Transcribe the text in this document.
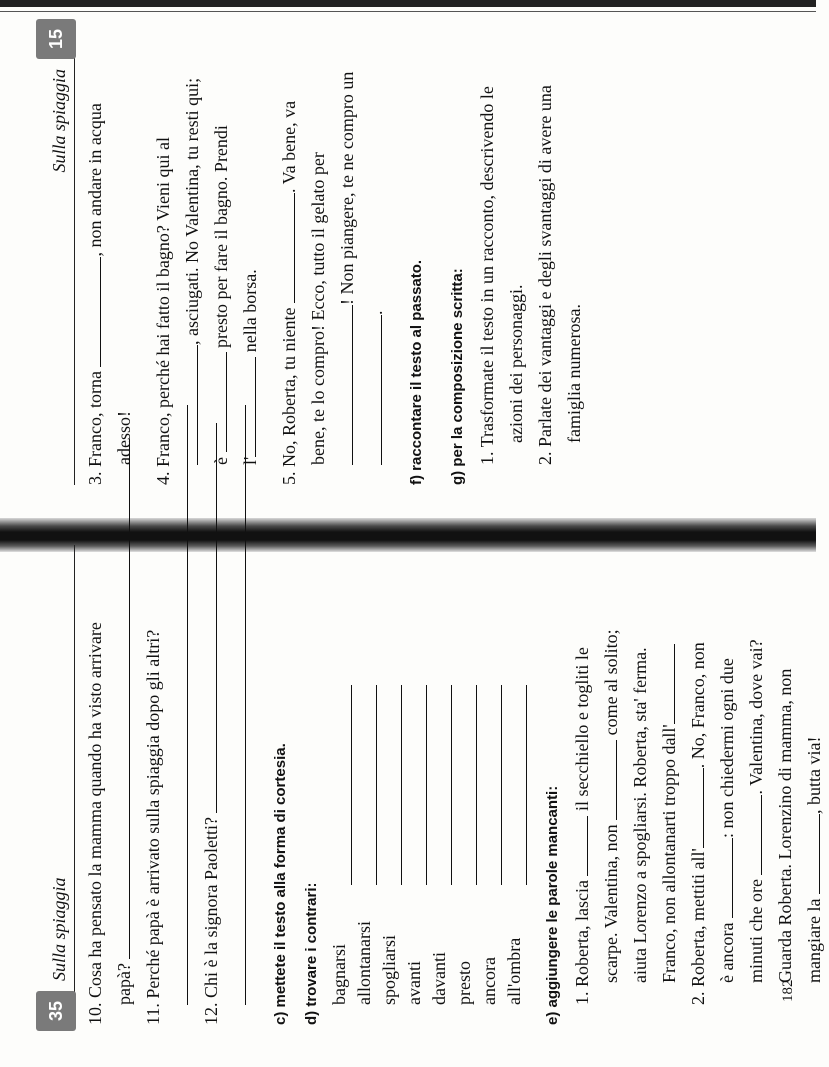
Sulla spiaggia
15
3. Franco, torna , non andare in acqua
adesso! 4. Franco, perché hai fatto il bagno? Vieni qui al , asciugati. No Valentina, tu resti qui;
è  presto per fare il bagno. Prendi
l' nella borsa. 5. No, Roberta, tu niente . Va bene, va
bene, te lo compro! Ecco, tutto il gelato per ! Non piangere, te ne compro un
.	f) raccontare il testo al passato.	g) per la composizione scritta: 1. Trasformate il testo in un racconto, descrivendo le azioni dei personaggi. 2. Parlate dei vantaggi e degli svantaggi di avere una famiglia numerosa.
35
Sulla spiaggia 10. Cosa ha pensato la mamma quando ha visto arrivare papà? 11. Perché papà è arrivato sulla spiaggia dopo gli altri? 12. Chi è la signora Paoletti?	c) mettete il testo alla forma di cortesia. d) trovare i contrari: bagnarsi allontanarsi spogliarsi avanti davanti presto ancora all'ombra	e) aggiungere le parole mancanti: 1. Roberta, lascia  il secchiello e togliti le
scarpe. Valentina, non  come al solito; aiuta Lorenzo a spogliarsi. Roberta, sta' ferma. Franco, non allontanarti troppo dall' 2. Roberta, mettiti all'. No, Franco, non
è ancora : non chiedermi ogni due
minuti che ore . Valentina, dove vai? Guarda Roberta. Lorenzino di mamma, non mangiare la , butta via!
182
